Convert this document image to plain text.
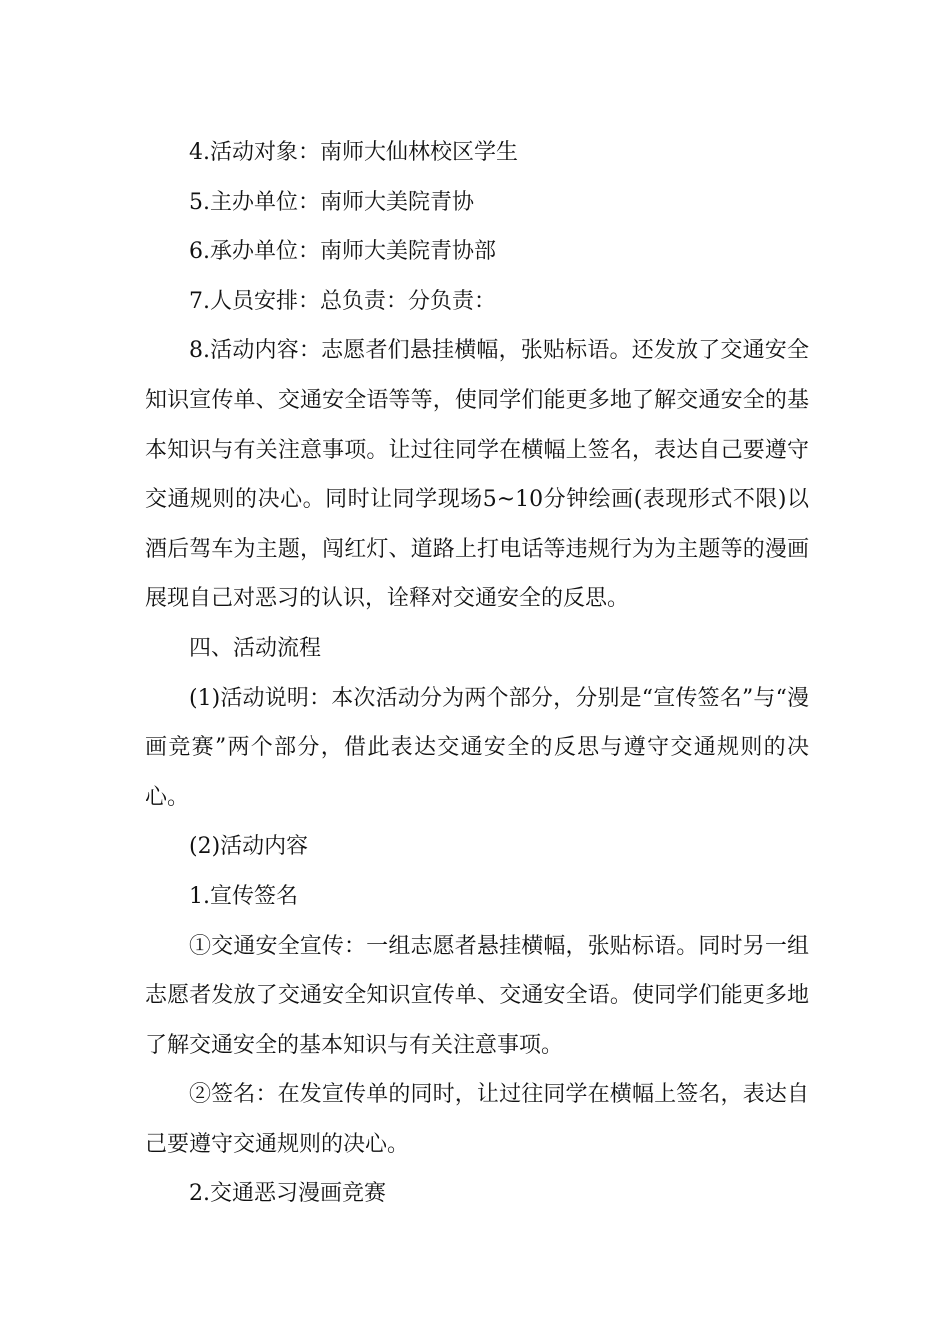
4.活动对象：南师大仙林校区学生

5.主办单位：南师大美院青协

6.承办单位：南师大美院青协部

7.人员安排：总负责：分负责：

8.活动内容：志愿者们悬挂横幅，张贴标语。还发放了交通安全知识宣传单、交通安全语等等，使同学们能更多地了解交通安全的基本知识与有关注意事项。让过往同学在横幅上签名，表达自己要遵守交通规则的决心。同时让同学现场5~10分钟绘画(表现形式不限)以酒后驾车为主题，闯红灯、道路上打电话等违规行为为主题等的漫画展现自己对恶习的认识，诠释对交通安全的反思。

四、活动流程

(1)活动说明：本次活动分为两个部分，分别是“宣传签名”与“漫画竞赛”两个部分，借此表达交通安全的反思与遵守交通规则的决心。

(2)活动内容

1.宣传签名

①交通安全宣传：一组志愿者悬挂横幅，张贴标语。同时另一组志愿者发放了交通安全知识宣传单、交通安全语。使同学们能更多地了解交通安全的基本知识与有关注意事项。

②签名：在发宣传单的同时，让过往同学在横幅上签名，表达自己要遵守交通规则的决心。

2.交通恶习漫画竞赛
